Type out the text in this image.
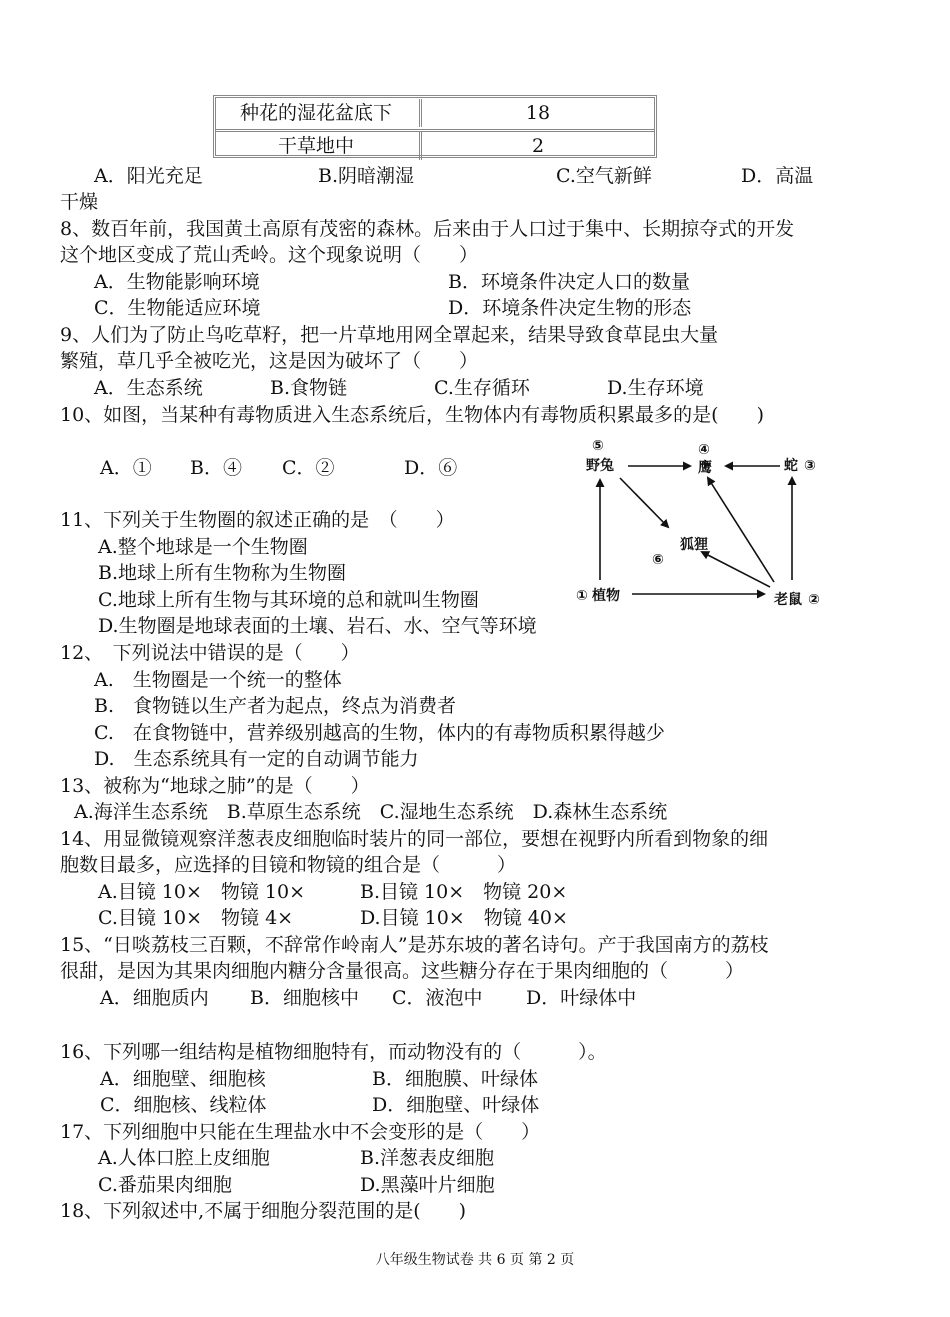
种花的湿花盆底下	18
干草地中	2
A．阳光充足	B.阴暗潮湿	C.空气新鲜	D．高温
干燥
8、数百年前，我国黄土高原有茂密的森林。后来由于人口过于集中、长期掠夺式的开发
这个地区变成了荒山秃岭。这个现象说明（　　）
A．生物能影响环境	B．环境条件决定人口的数量
C．生物能适应环境	D．环境条件决定生物的形态
9、人们为了防止鸟吃草籽，把一片草地用网全罩起来，结果导致食草昆虫大量
繁殖，草几乎全被吃光，这是因为破坏了（　　）
A．生态系统	B.食物链	C.生存循环	D.生存环境
10、如图，当某种有毒物质进入生态系统后，生物体内有毒物质积累最多的是(　　)
A．① B．④ C．②	D．⑥
⑤
野兔
④
鹰	蛇 ③
狐狸
⑥
① 植物	老鼠 ②
11、下列关于生物圈的叙述正确的是　（　　）
A.整个地球是一个生物圈
B.地球上所有生物称为生物圈
C.地球上所有生物与其环境的总和就叫生物圈
D.生物圈是地球表面的土壤、岩石、水、空气等环境
12、　下列说法中错误的是（　　）
A.　生物圈是一个统一的整体
B.　食物链以生产者为起点，终点为消费者
C.　在食物链中，营养级别越高的生物，体内的有毒物质积累得越少
D.　生态系统具有一定的自动调节能力
13、被称为“地球之肺”的是（　　）
A.海洋生态系统　B.草原生态系统　C.湿地生态系统　D.森林生态系统
14、用显微镜观察洋葱表皮细胞临时装片的同一部位，要想在视野内所看到物象的细
胞数目最多，应选择的目镜和物镜的组合是（　　　）
A.目镜 10×　物镜 10×	B.目镜 10×　物镜 20×
C.目镜 10×　物镜 4×	D.目镜 10×　物镜 40×
15、“日啖荔枝三百颗，不辞常作岭南人”是苏东坡的著名诗句。产于我国南方的荔枝
很甜，是因为其果肉细胞内糖分含量很高。这些糖分存在于果肉细胞的（　　　）
A．细胞质内 B．细胞核中 C．液泡中 D．叶绿体中
16、下列哪一组结构是植物细胞特有，而动物没有的（　　　）。
A．细胞壁、细胞核	B．细胞膜、叶绿体
C．细胞核、线粒体	D．细胞壁、叶绿体
17、下列细胞中只能在生理盐水中不会变形的是（　　）
A.人体口腔上皮细胞	B.洋葱表皮细胞
C.番茄果肉细胞	D.黑藻叶片细胞
18、下列叙述中,不属于细胞分裂范围的是(　　)
八年级生物试卷 共 6 页 第 2 页
